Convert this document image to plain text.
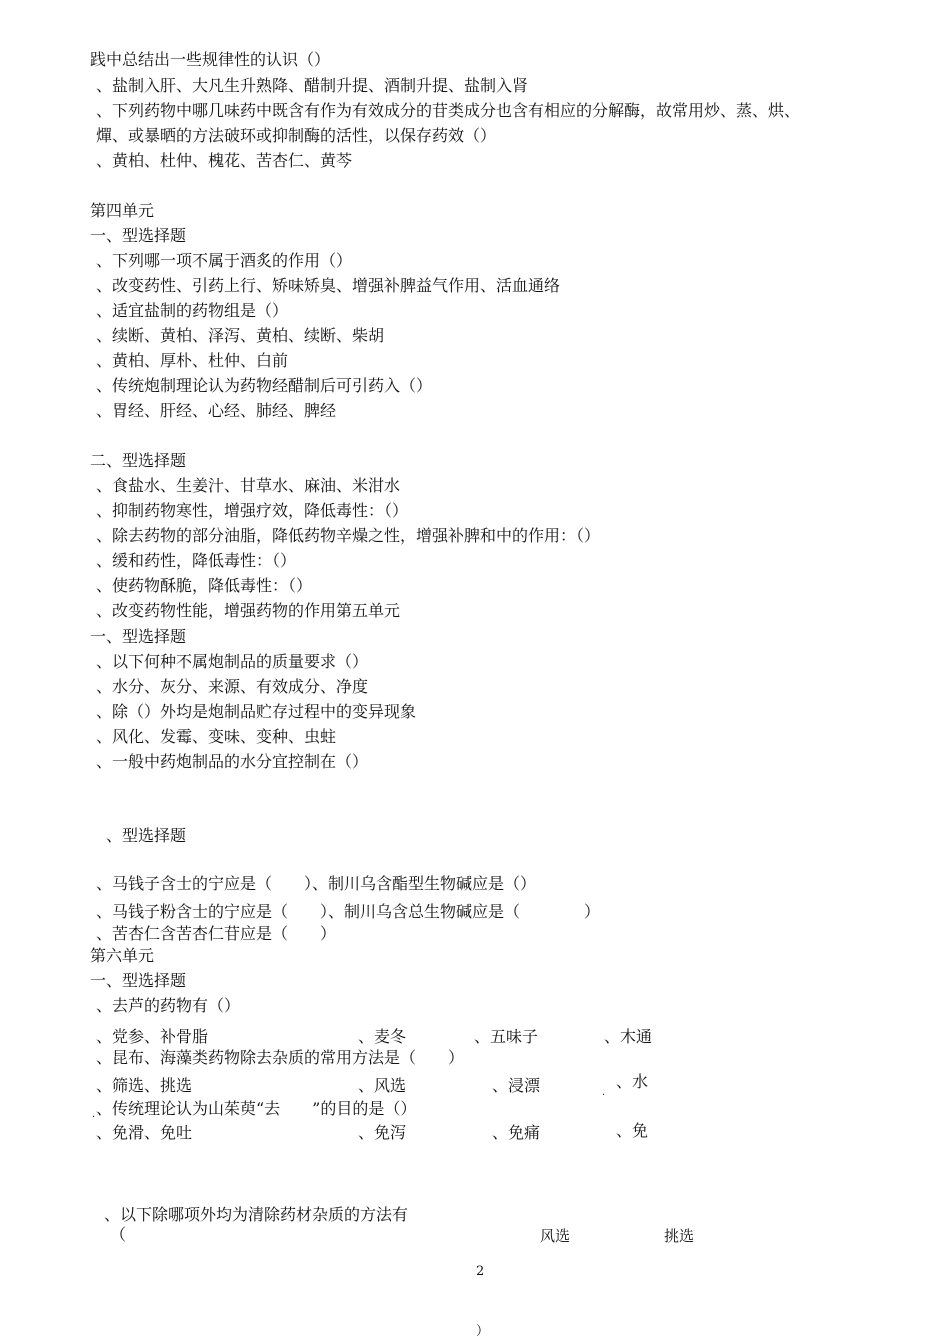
践中总结出一些规律性的认识（）
、盐制入肝、大凡生升熟降、醋制升提、酒制升提、盐制入肾
、下列药物中哪几味药中既含有作为有效成分的苷类成分也含有相应的分解酶，故常用炒、蒸、烘、
燀、或暴晒的方法破环或抑制酶的活性，以保存药效（）
、黄柏、杜仲、槐花、苦杏仁、黄芩
第四单元
一、型选择题
、下列哪一项不属于酒炙的作用（）
、改变药性、引药上行、矫味矫臭、增强补脾益气作用、活血通络
、适宜盐制的药物组是（）
、续断、黄柏、泽泻、黄柏、续断、柴胡
、黄柏、厚朴、杜仲、白前
、传统炮制理论认为药物经醋制后可引药入（）
、胃经、肝经、心经、肺经、脾经
二、型选择题
、食盐水、生姜汁、甘草水、麻油、米泔水
、抑制药物寒性，增强疗效，降低毒性：（）
、除去药物的部分油脂，降低药物辛燥之性，增强补脾和中的作用：（）
、缓和药性，降低毒性：（）
、使药物酥脆，降低毒性：（）
、改变药物性能，增强药物的作用第五单元
一、型选择题
、以下何种不属炮制品的质量要求（）
、水分、灰分、来源、有效成分、净度
、除（）外均是炮制品贮存过程中的变异现象
、风化、发霉、变味、变种、虫蛀
、一般中药炮制品的水分宜控制在（）
、型选择题
、马钱子含士的宁应是（　　）、制川乌含酯型生物碱应是（）
、马钱子粉含士的宁应是（　　）、制川乌含总生物碱应是（　　　　）
、苦杏仁含苦杏仁苷应是（　　）
第六单元
一、型选择题
、去芦的药物有（）
、党参、补骨脂	、麦冬	、五味子	、木通
、昆布、海藻类药物除去杂质的常用方法是（　　）
、筛选、挑选	、风选	、浸漂	、水
.
. 、传统理论认为山茱萸“去　　”的目的是（）
、免滑、免吐	、免泻	、免痛	、免
、以下除哪项外均为清除药材杂质的方法有
（	风选	挑选
2
）
